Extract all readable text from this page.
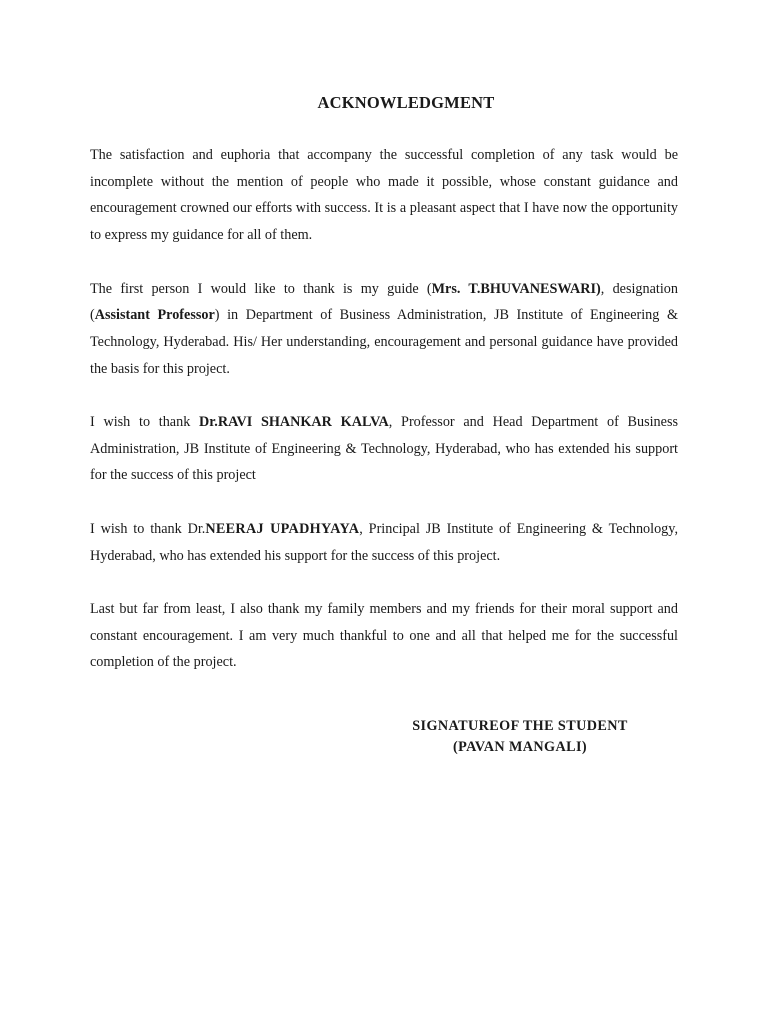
ACKNOWLEDGMENT

The satisfaction and euphoria that accompany the successful completion of any task would be incomplete without the mention of people who made it possible, whose constant guidance and encouragement crowned our efforts with success. It is a pleasant aspect that I have now the opportunity to express my guidance for all of them.

The first person I would like to thank is my guide (Mrs. T.BHUVANESWARI), designation (Assistant Professor) in Department of Business Administration, JB Institute of Engineering & Technology, Hyderabad. His/ Her understanding, encouragement and personal guidance have provided the basis for this project.

I wish to thank Dr.RAVI SHANKAR KALVA, Professor and Head Department of Business Administration, JB Institute of Engineering & Technology, Hyderabad, who has extended his support for the success of this project

I wish to thank Dr.NEERAJ UPADHYAYA, Principal JB Institute of Engineering & Technology, Hyderabad, who has extended his support for the success of this project.

Last but far from least, I also thank my family members and my friends for their moral support and constant encouragement. I am very much thankful to one and all that helped me for the successful completion of the project.

SIGNATUREOF THE STUDENT
(PAVAN MANGALI)
